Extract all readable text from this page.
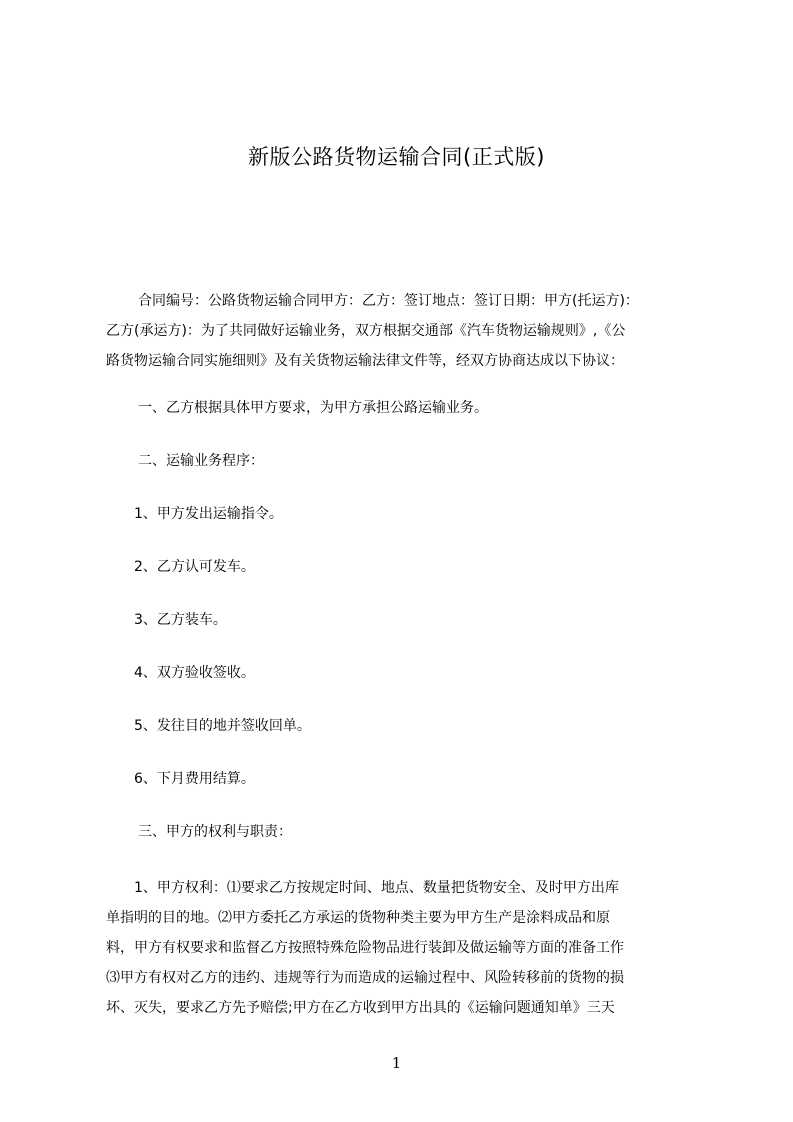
新版公路货物运输合同(正式版)
合同编号：公路货物运输合同甲方：乙方：签订地点：签订日期：甲方(托运方)：
乙方(承运方)：为了共同做好运输业务，双方根据交通部《汽车货物运输规则》,《公
路货物运输合同实施细则》及有关货物运输法律文件等，经双方协商达成以下协议：
一、乙方根据具体甲方要求，为甲方承担公路运输业务。
二、运输业务程序：
1、甲方发出运输指令。
2、乙方认可发车。
3、乙方装车。
4、双方验收签收。
5、发往目的地并签收回单。
6、下月费用结算。
三、甲方的权利与职责：
1、甲方权利：⑴要求乙方按规定时间、地点、数量把货物安全、及时甲方出库
单指明的目的地。⑵甲方委托乙方承运的货物种类主要为甲方生产是涂料成品和原
料，甲方有权要求和监督乙方按照特殊危险物品进行装卸及做运输等方面的准备工作
⑶甲方有权对乙方的违约、违规等行为而造成的运输过程中、风险转移前的货物的损
坏、灭失，要求乙方先予赔偿;甲方在乙方收到甲方出具的《运输问题通知单》三天
1
